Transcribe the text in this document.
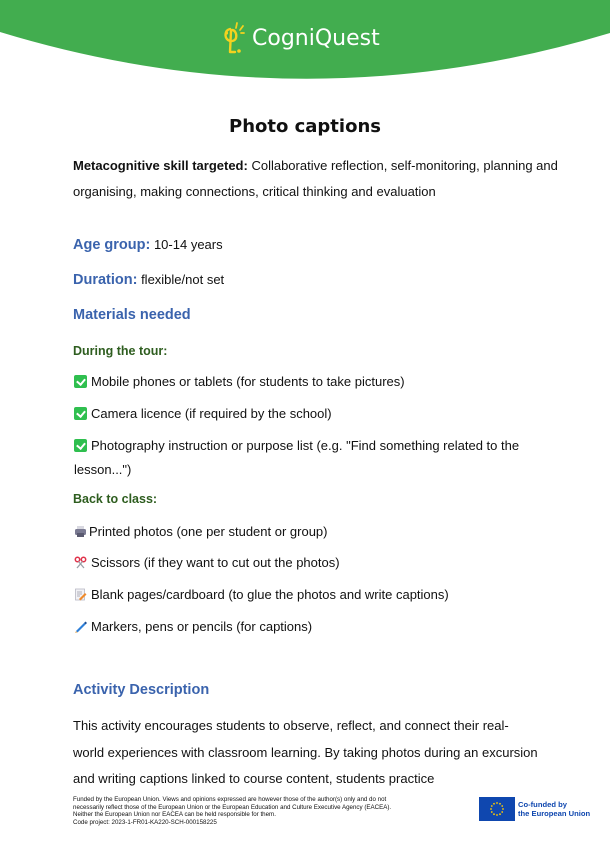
CogniQuest
Photo captions
Metacognitive skill targeted: Collaborative reflection, self-monitoring, planning and organising, making connections, critical thinking and evaluation
Age group: 10-14 years
Duration: flexible/not set
Materials needed
During the tour:
Mobile phones or tablets (for students to take pictures)
Camera licence (if required by the school)
Photography instruction or purpose list (e.g. "Find something related to the lesson...")
Back to class:
Printed photos (one per student or group)
Scissors (if they want to cut out the photos)
Blank pages/cardboard (to glue the photos and write captions)
Markers, pens or pencils (for captions)
Activity Description
This activity encourages students to observe, reflect, and connect their real-world experiences with classroom learning. By taking photos during an excursion and writing captions linked to course content, students practice
Funded by the European Union. Views and opinions expressed are however those of the author(s) only and do not
necessarily reflect those of the European Union or the European Education and Culture Executive Agency (EACEA).
Neither the European Union nor EACEA can be held responsible for them.
Code project: 2023-1-FR01-KA220-SCH-000158225
Co-funded by
the European Union
